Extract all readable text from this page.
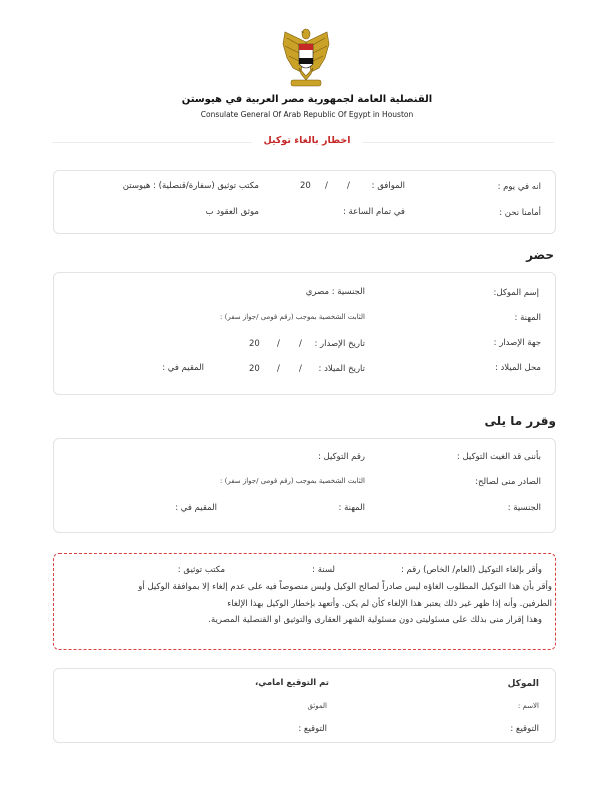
القنصلية العامة لجمهورية مصر العربية في هيوستن
Consulate General Of Arab Republic Of Egypt in Houston
اخطار بالغاء توكيل
انه في يوم :
الموافق :
/
/
20
مكتب توثيق (سفارة/قنصلية) : هيوستن
أمامنا نحن :
في تمام الساعة :
موثق العقود ب
حضر
إسم الموكل:
الجنسية : مصري
المهنة :
الثابت الشخصية بموجب (رقم قومى /جواز سفر) :
جهة الإصدار :
تاريخ الإصدار :
/
/
20
محل الميلاد :
تاريخ الميلاد :
/
/
20
المقيم في :
وقرر ما يلى
بأننى قد الغيت التوكيل :
رقم التوكيل :
الصادر منى لصالح:
الثابت الشخصية بموجب (رقم قومى /جواز سفر) :
الجنسية :
المهنة :
المقيم في :
وأقر بإلغاء التوكيل (العام/ الخاص) رقم :
لسنة :
مكتب توثيق :
وأقر بأن هذا التوكيل المطلوب الغاؤه ليس صادراً لصالح الوكيل وليس منصوصاً فيه على عدم إلغاء إلا بموافقة الوكيل أو
الطرفين. وأنه إذا ظهر غير ذلك يعتبر هذا الإلغاء كأن لم يكن. وأتعهد بإخطار الوكيل بهذا الإلغاء
وهذا إقرار منى بذلك على مسئوليتى دون مسئولية الشهر العقارى والتوثيق او القنصلية المصرية.
الموكل
الاسم :
التوقيع :
تم التوقيع امامي،
الموثق
التوقيع :
